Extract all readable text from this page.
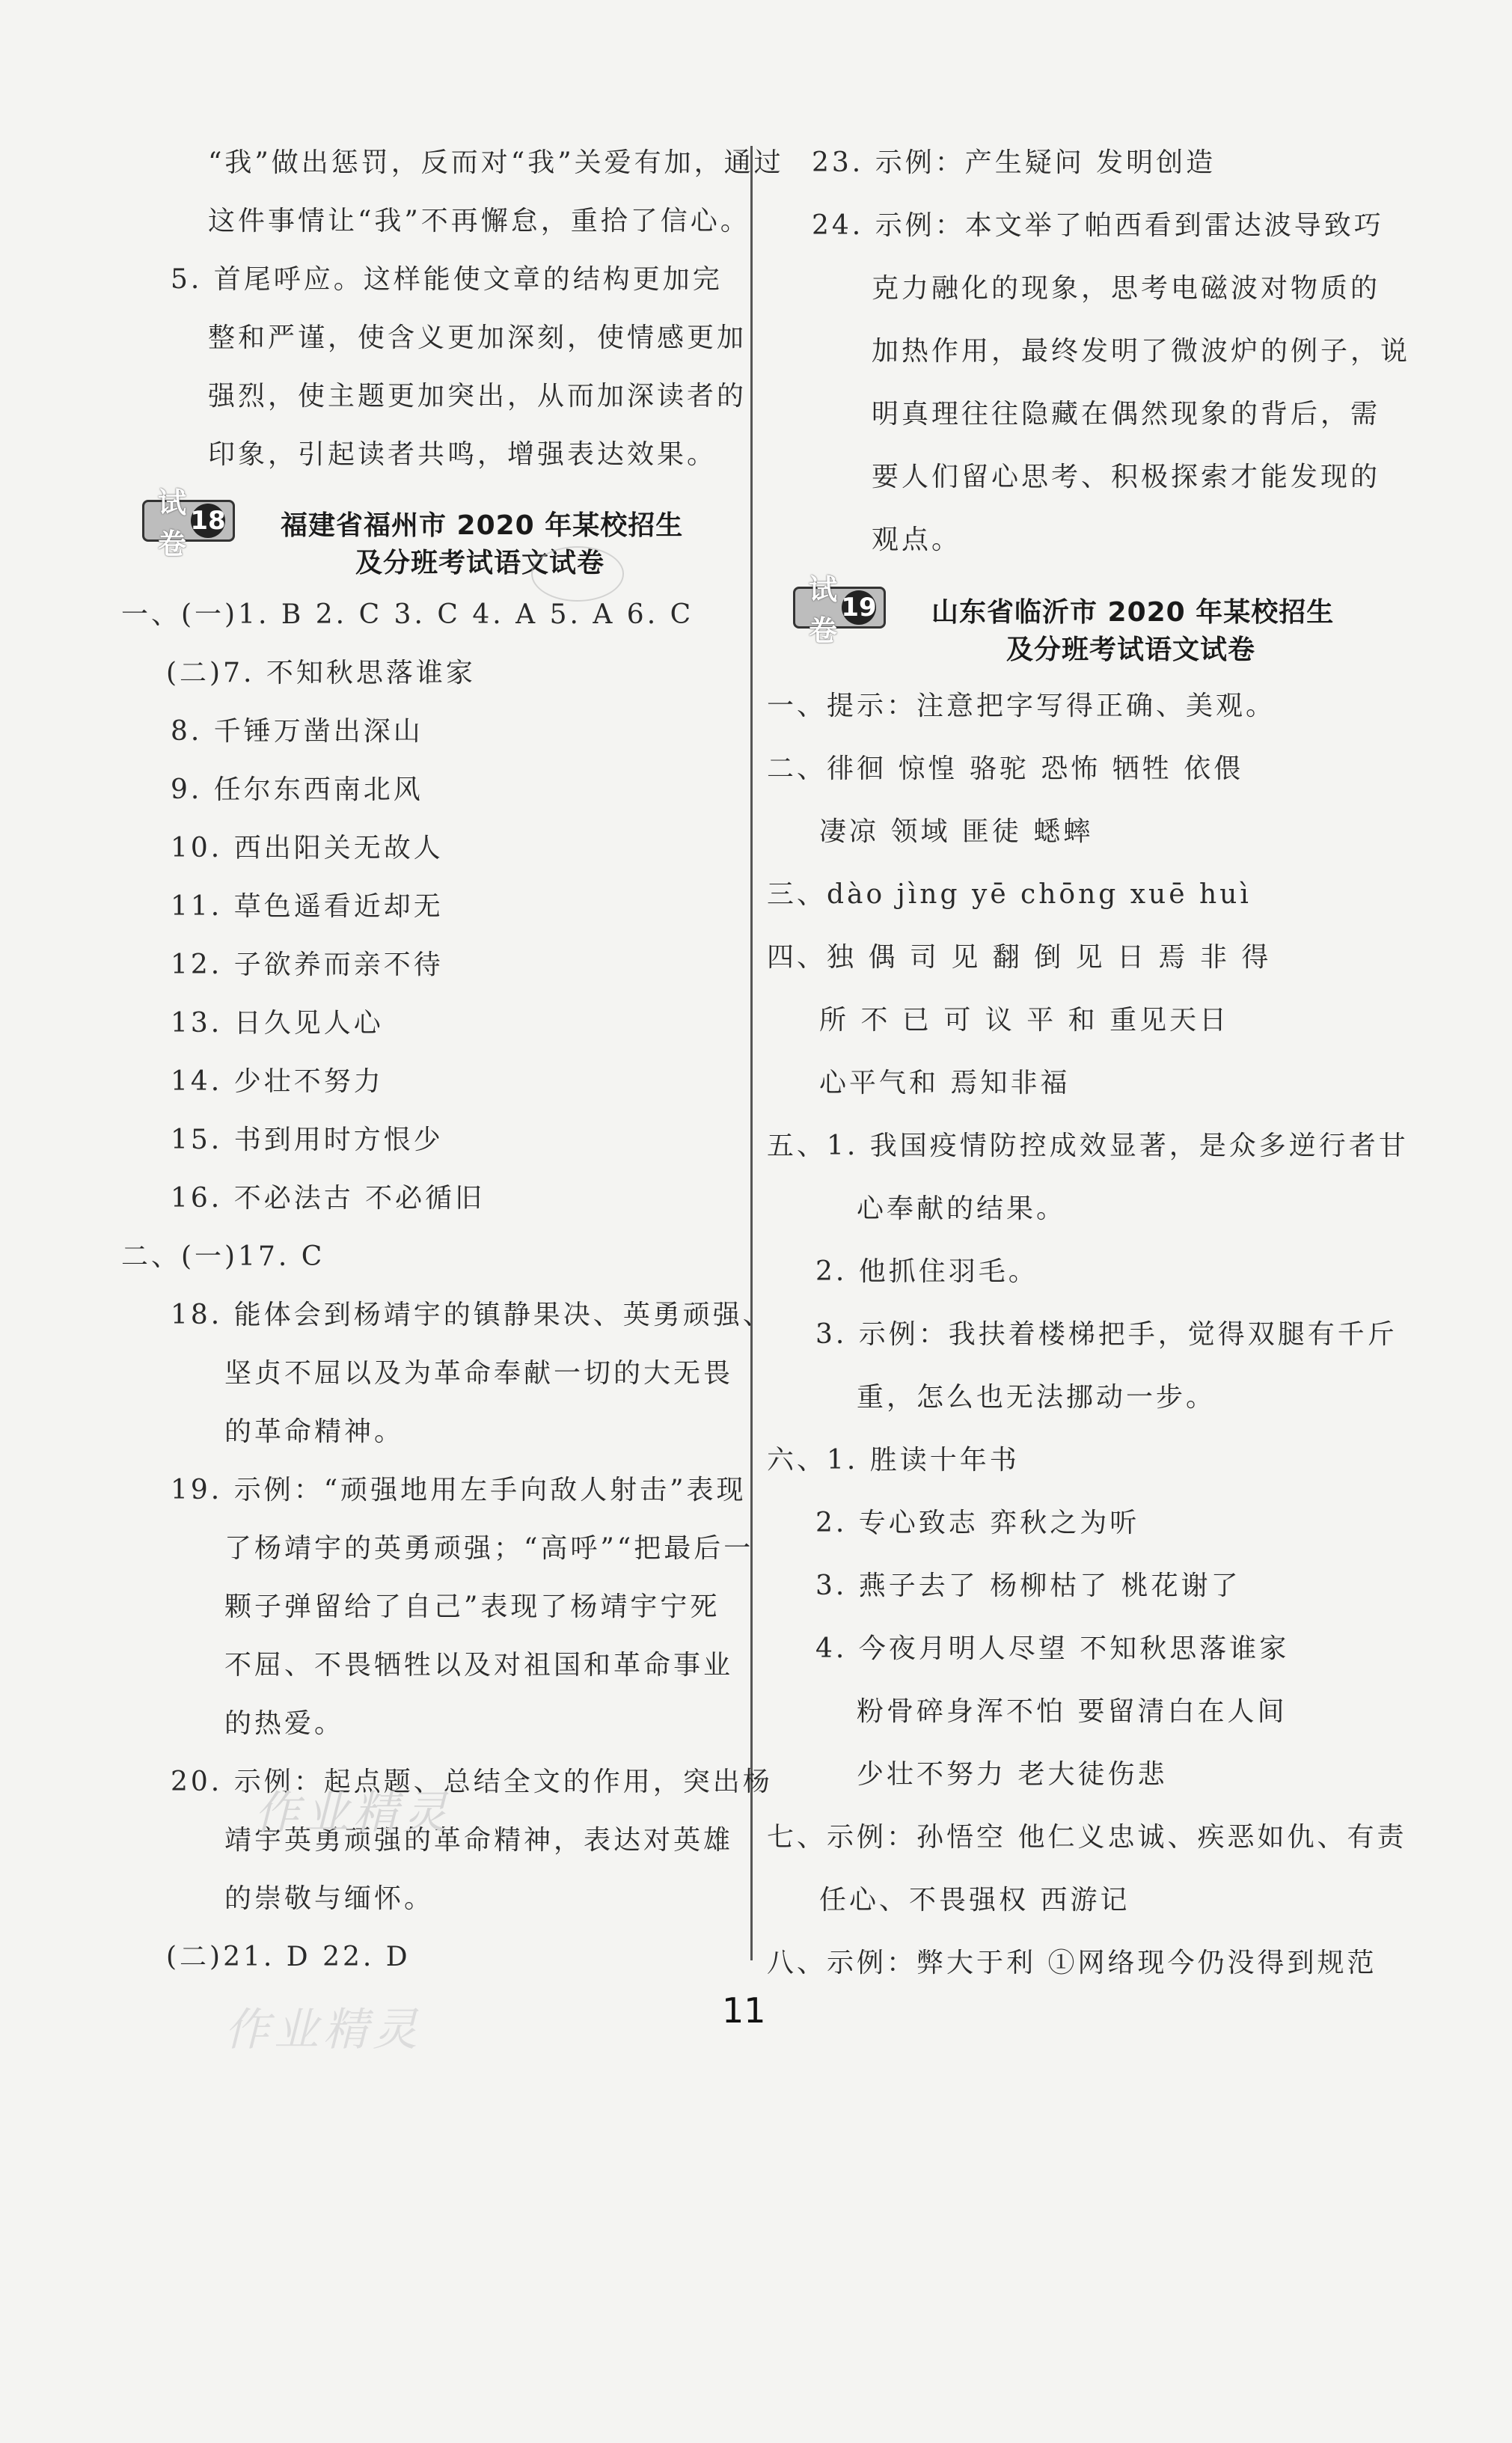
“我”做出惩罚，反而对“我”关爱有加，通过
这件事情让“我”不再懈怠，重拾了信心。
5. 首尾呼应。这样能使文章的结构更加完
整和严谨，使含义更加深刻，使情感更加
强烈，使主题更加突出，从而加深读者的
印象，引起读者共鸣，增强表达效果。
试卷
18 福建省福州市 2020 年某校招生
及分班考试语文试卷
一、(一)1. B 2. C 3. C 4. A 5. A 6. C
(二)7. 不知秋思落谁家
8. 千锤万凿出深山
9. 任尔东西南北风
10. 西出阳关无故人
11. 草色遥看近却无
12. 子欲养而亲不待
13. 日久见人心
14. 少壮不努力
15. 书到用时方恨少
16. 不必法古 不必循旧
二、(一)17. C
18. 能体会到杨靖宇的镇静果决、英勇顽强、
坚贞不屈以及为革命奉献一切的大无畏
的革命精神。
19. 示例：“顽强地用左手向敌人射击”表现
了杨靖宇的英勇顽强；“高呼”“把最后一
颗子弹留给了自己”表现了杨靖宇宁死
不屈、不畏牺牲以及对祖国和革命事业
的热爱。
20. 示例：起点题、总结全文的作用，突出杨
靖宇英勇顽强的革命精神，表达对英雄
的崇敬与缅怀。
(二)21. D 22. D
23. 示例：产生疑问 发明创造
24. 示例：本文举了帕西看到雷达波导致巧
克力融化的现象，思考电磁波对物质的
加热作用，最终发明了微波炉的例子，说
明真理往往隐藏在偶然现象的背后，需
要人们留心思考、积极探索才能发现的
观点。
试卷
19 山东省临沂市 2020 年某校招生
及分班考试语文试卷
一、提示：注意把字写得正确、美观。
二、徘徊 惊惶 骆驼 恐怖 牺牲 依偎
凄凉 领域 匪徒 蟋蟀
三、dào jìng yē chōng xuē huì
四、独 偶 司 见 翻 倒 见 日 焉 非 得
所 不 已 可 议 平 和 重见天日
心平气和 焉知非福
五、1. 我国疫情防控成效显著，是众多逆行者甘
心奉献的结果。
2. 他抓住羽毛。
3. 示例：我扶着楼梯把手，觉得双腿有千斤
重，怎么也无法挪动一步。
六、1. 胜读十年书
2. 专心致志 弈秋之为听
3. 燕子去了 杨柳枯了 桃花谢了
4. 今夜月明人尽望 不知秋思落谁家
粉骨碎身浑不怕 要留清白在人间
少壮不努力 老大徒伤悲
七、示例：孙悟空 他仁义忠诚、疾恶如仇、有责
任心、不畏强权 西游记
八、示例：弊大于利 ①网络现今仍没得到规范
作业精灵
作业精灵	11
